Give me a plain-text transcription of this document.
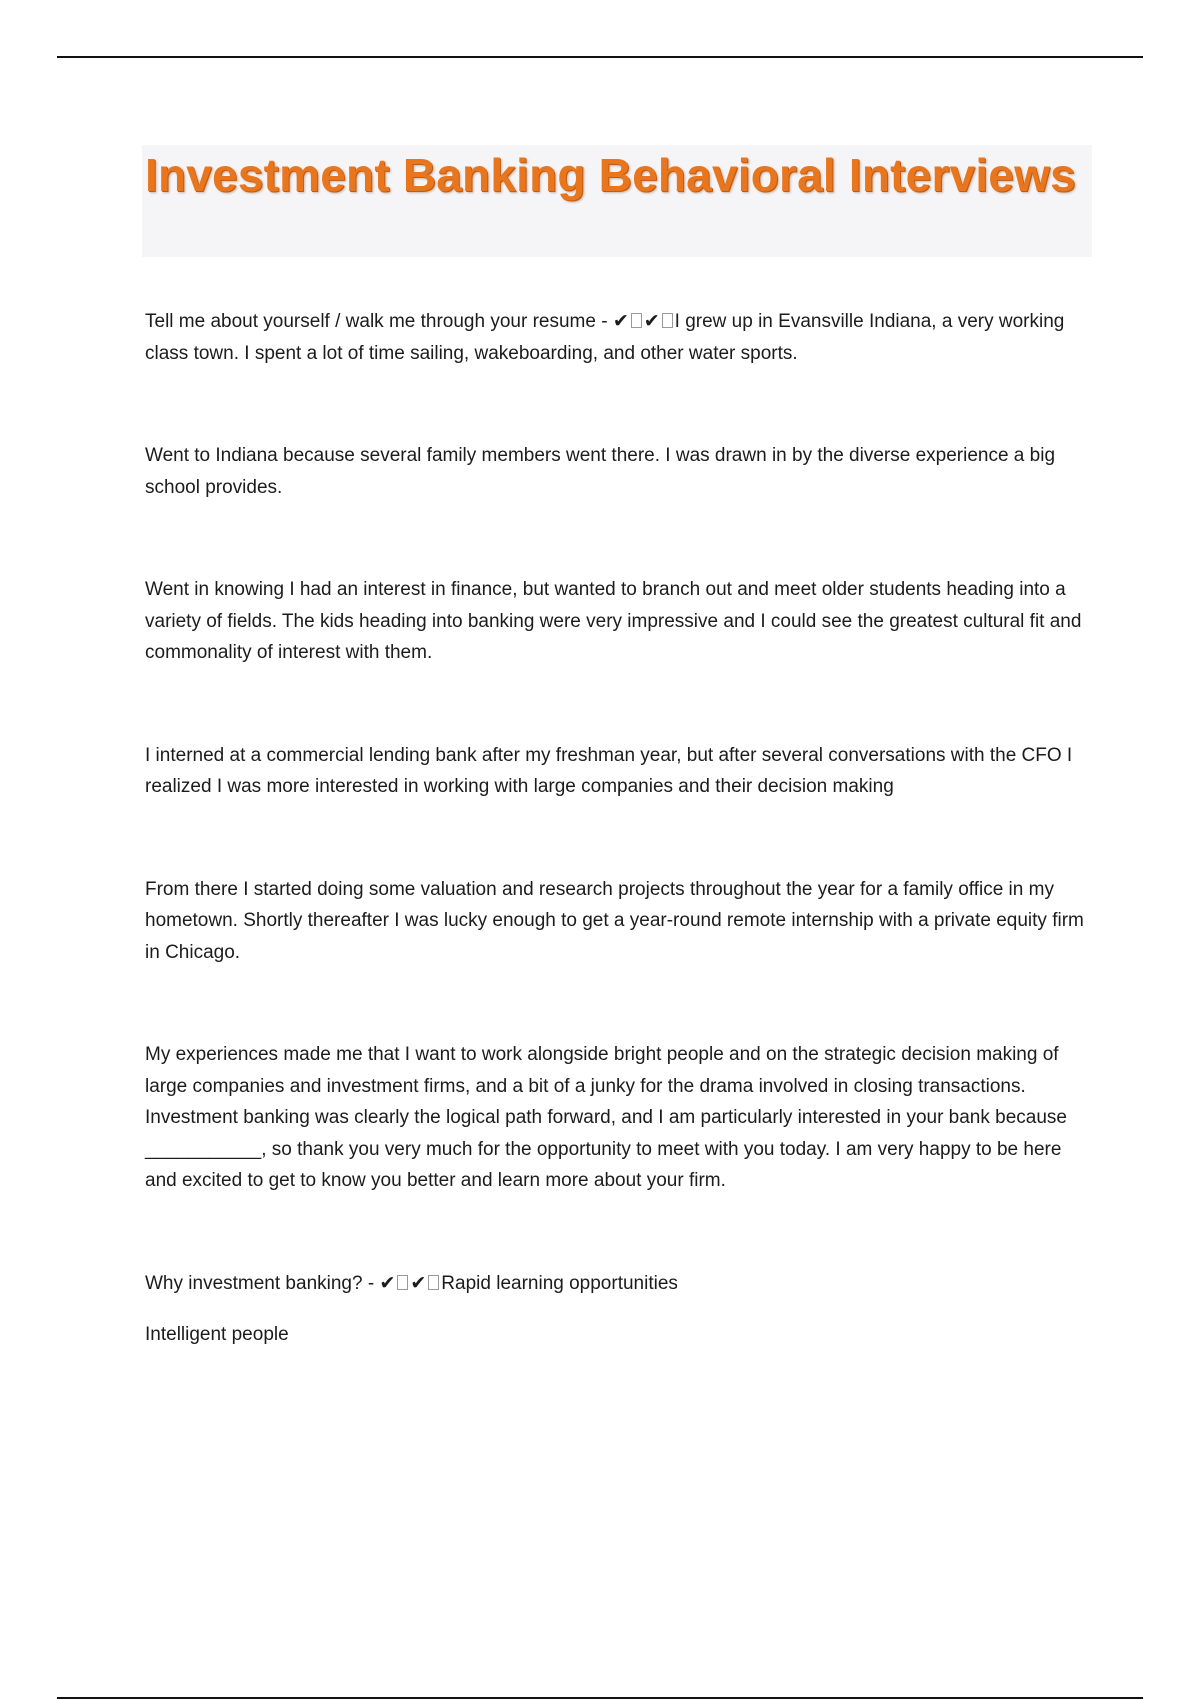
Investment Banking Behavioral Interviews

Tell me about yourself / walk me through your resume - ✔ ✔ I grew up in Evansville Indiana, a very working class town. I spent a lot of time sailing, wakeboarding, and other water sports.

Went to Indiana because several family members went there. I was drawn in by the diverse experience a big school provides.

Went in knowing I had an interest in finance, but wanted to branch out and meet older students heading into a variety of fields. The kids heading into banking were very impressive and I could see the greatest cultural fit and commonality of interest with them.

I interned at a commercial lending bank after my freshman year, but after several conversations with the CFO I realized I was more interested in working with large companies and their decision making

From there I started doing some valuation and research projects throughout the year for a family office in my hometown. Shortly thereafter I was lucky enough to get a year-round remote internship with a private equity firm in Chicago.

My experiences made me that I want to work alongside bright people and on the strategic decision making of large companies and investment firms, and a bit of a junky for the drama involved in closing transactions. Investment banking was clearly the logical path forward, and I am particularly interested in your bank because ___________, so thank you very much for the opportunity to meet with you today. I am very happy to be here and excited to get to know you better and learn more about your firm.

Why investment banking? - ✔ ✔ Rapid learning opportunities

Intelligent people
